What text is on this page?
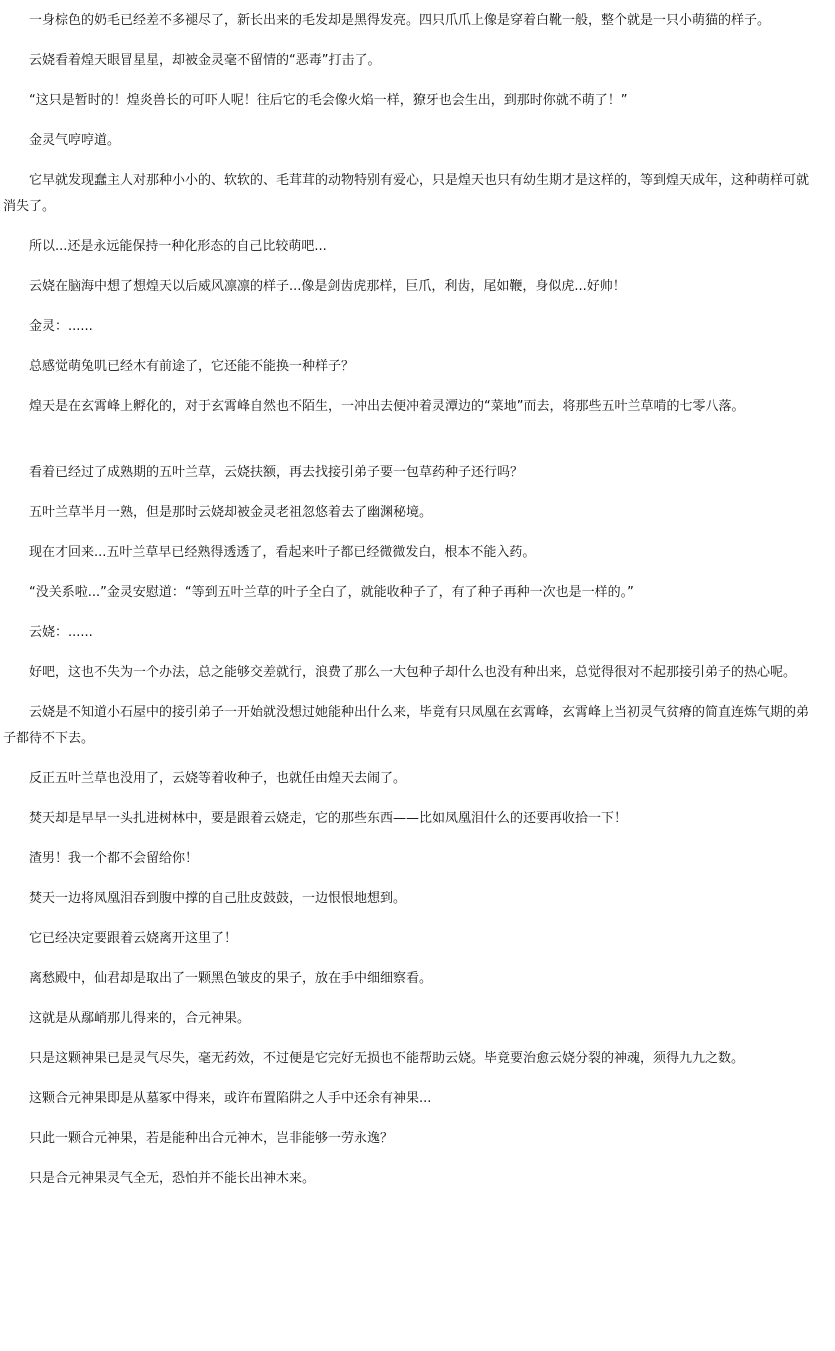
一身棕色的奶毛已经差不多褪尽了，新长出来的毛发却是黑得发亮。四只爪爪上像是穿着白靴一般，整个就是一只小萌猫的样子。

云娆看着煌天眼冒星星，却被金灵毫不留情的“恶毒”打击了。

“这只是暂时的！煌炎兽长的可吓人呢！往后它的毛会像火焰一样，獠牙也会生出，到那时你就不萌了！”

金灵气哼哼道。

它早就发现蠢主人对那种小小的、软软的、毛茸茸的动物特别有爱心，只是煌天也只有幼生期才是这样的，等到煌天成年，这种萌样可就消失了。

所以...还是永远能保持一种化形态的自己比较萌吧...

云娆在脑海中想了想煌天以后威风凛凛的样子...像是剑齿虎那样，巨爪，利齿，尾如鞭，身似虎...好帅！

金灵：......

总感觉萌兔叽已经木有前途了，它还能不能换一种样子？

煌天是在玄霄峰上孵化的，对于玄霄峰自然也不陌生，一冲出去便冲着灵潭边的“菜地”而去，将那些五叶兰草啃的七零八落。

看着已经过了成熟期的五叶兰草，云娆扶额，再去找接引弟子要一包草药种子还行吗？

五叶兰草半月一熟，但是那时云娆却被金灵老祖忽悠着去了幽渊秘境。

现在才回来...五叶兰草早已经熟得透透了，看起来叶子都已经微微发白，根本不能入药。

“没关系啦...”金灵安慰道：“等到五叶兰草的叶子全白了，就能收种子了，有了种子再种一次也是一样的。”

云娆：......

好吧，这也不失为一个办法，总之能够交差就行，浪费了那么一大包种子却什么也没有种出来，总觉得很对不起那接引弟子的热心呢。

云娆是不知道小石屋中的接引弟子一开始就没想过她能种出什么来，毕竟有只凤凰在玄霄峰，玄霄峰上当初灵气贫瘠的简直连炼气期的弟子都待不下去。

反正五叶兰草也没用了，云娆等着收种子，也就任由煌天去闹了。

焚天却是早早一头扎进树林中，要是跟着云娆走，它的那些东西——比如凤凰泪什么的还要再收拾一下！

渣男！我一个都不会留给你！

焚天一边将凤凰泪吞到腹中撑的自己肚皮鼓鼓，一边恨恨地想到。

它已经决定要跟着云娆离开这里了！

离愁殿中，仙君却是取出了一颗黑色皱皮的果子，放在手中细细察看。

这就是从鄢峭那儿得来的，合元神果。

只是这颗神果已是灵气尽失，毫无药效，不过便是它完好无损也不能帮助云娆。毕竟要治愈云娆分裂的神魂，须得九九之数。

这颗合元神果即是从墓冢中得来，或许布置陷阱之人手中还余有神果...

只此一颗合元神果，若是能种出合元神木，岂非能够一劳永逸？

只是合元神果灵气全无，恐怕并不能长出神木来。
